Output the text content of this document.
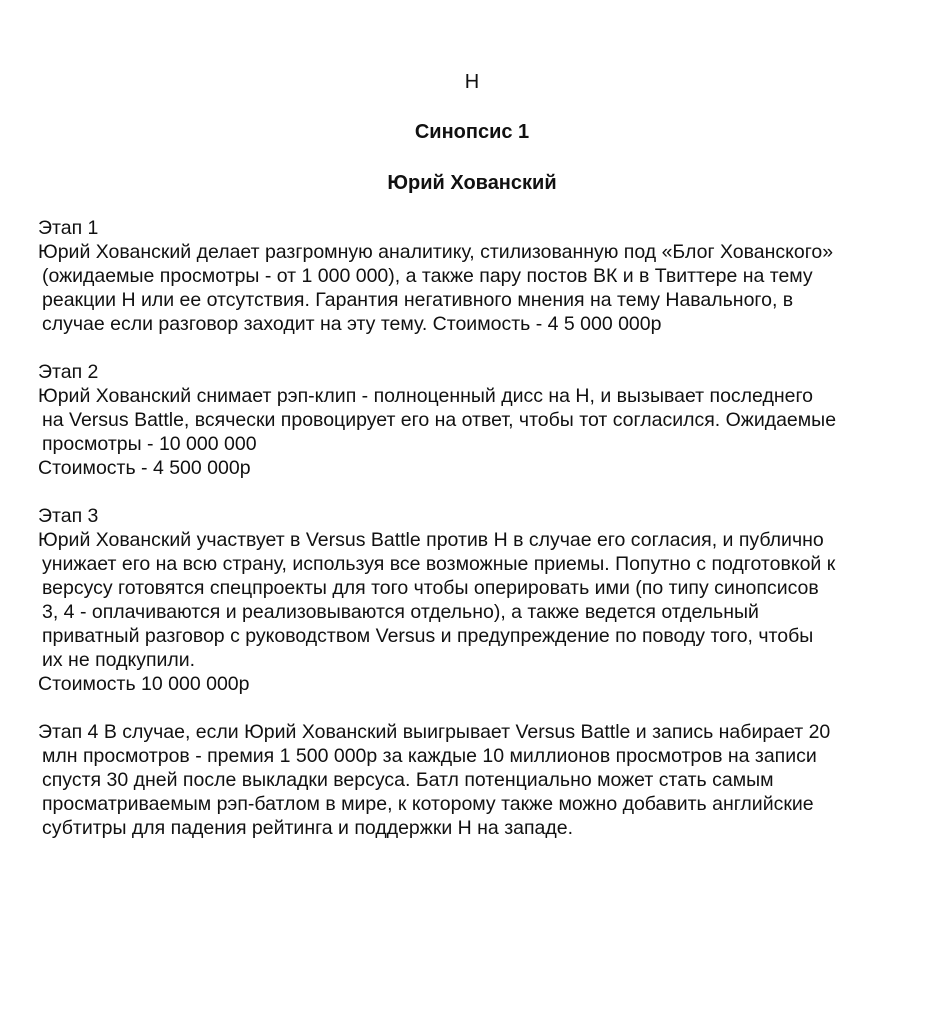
Н
Синопсис 1
Юрий Хованский

Этап 1

Юрий Хованский делает разгромную аналитику, стилизованную под «Блог Хованского»

(ожидаемые просмотры - от 1 000 000), а также пару постов ВК и в Твиттере на тему

реакции Н или ее отсутствия. Гарантия негативного мнения на тему Навального, в

случае если разговор заходит на эту тему. Стоимость - 4 5 000 000р

Этап 2

Юрий Хованский снимает рэп-клип - полноценный дисс на Н, и вызывает последнего

на Versus Battle, всячески провоцирует его на ответ, чтобы тот согласился. Ожидаемые

просмотры - 10 000 000

Стоимость - 4 500 000р

Этап 3

Юрий Хованский участвует в Versus Battle против Н в случае его согласия, и публично

унижает его на всю страну, используя все возможные приемы. Попутно с подготовкой к

версусу готовятся спецпроекты для того чтобы оперировать ими (по типу синопсисов

3, 4 - оплачиваются и реализовываются отдельно), а также ведется отдельный

приватный разговор с руководством Versus и предупреждение по поводу того, чтобы

их не подкупили.

Стоимость 10 000 000р

Этап 4 В случае, если Юрий Хованский выигрывает Versus Battle и запись набирает 20

млн просмотров - премия 1 500 000р за каждые 10 миллионов просмотров на записи

спустя 30 дней после выкладки версуса. Батл потенциально может стать самым

просматриваемым рэп-батлом в мире, к которому также можно добавить английские

субтитры для падения рейтинга и поддержки Н на западе.
